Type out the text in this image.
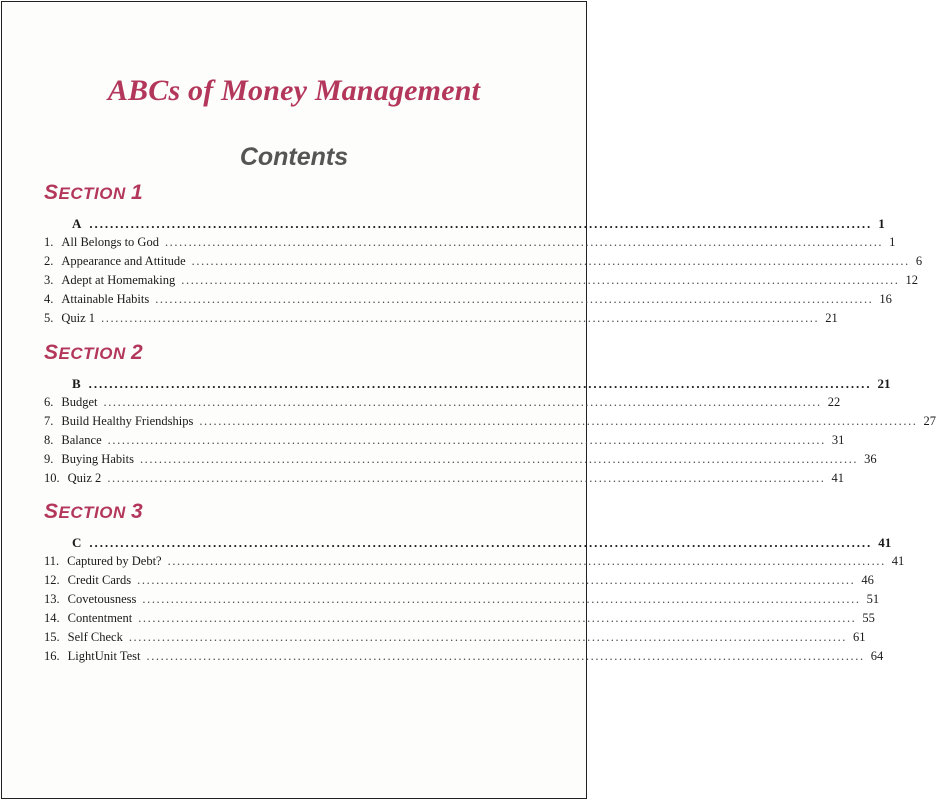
ABCs of Money Management
Contents
SECTION 1
A ........................................................................................................................................................ 1
1. All Belongs to God ........................................................................................................................................................ 1
2. Appearance and Attitude ........................................................................................................................................................ 6
3. Adept at Homemaking ........................................................................................................................................................ 12
4. Attainable Habits ........................................................................................................................................................ 16
5. Quiz 1 ........................................................................................................................................................ 21
SECTION 2
B ........................................................................................................................................................ 21
6. Budget ........................................................................................................................................................ 22
7. Build Healthy Friendships ........................................................................................................................................................ 27
8. Balance ........................................................................................................................................................ 31
9. Buying Habits ........................................................................................................................................................ 36
10. Quiz 2 ........................................................................................................................................................ 41
SECTION 3
C ........................................................................................................................................................ 41
11. Captured by Debt? ........................................................................................................................................................ 41
12. Credit Cards ........................................................................................................................................................ 46
13. Covetousness ........................................................................................................................................................ 51
14. Contentment ........................................................................................................................................................ 55
15. Self Check ........................................................................................................................................................ 61
16. LightUnit Test ........................................................................................................................................................ 64
